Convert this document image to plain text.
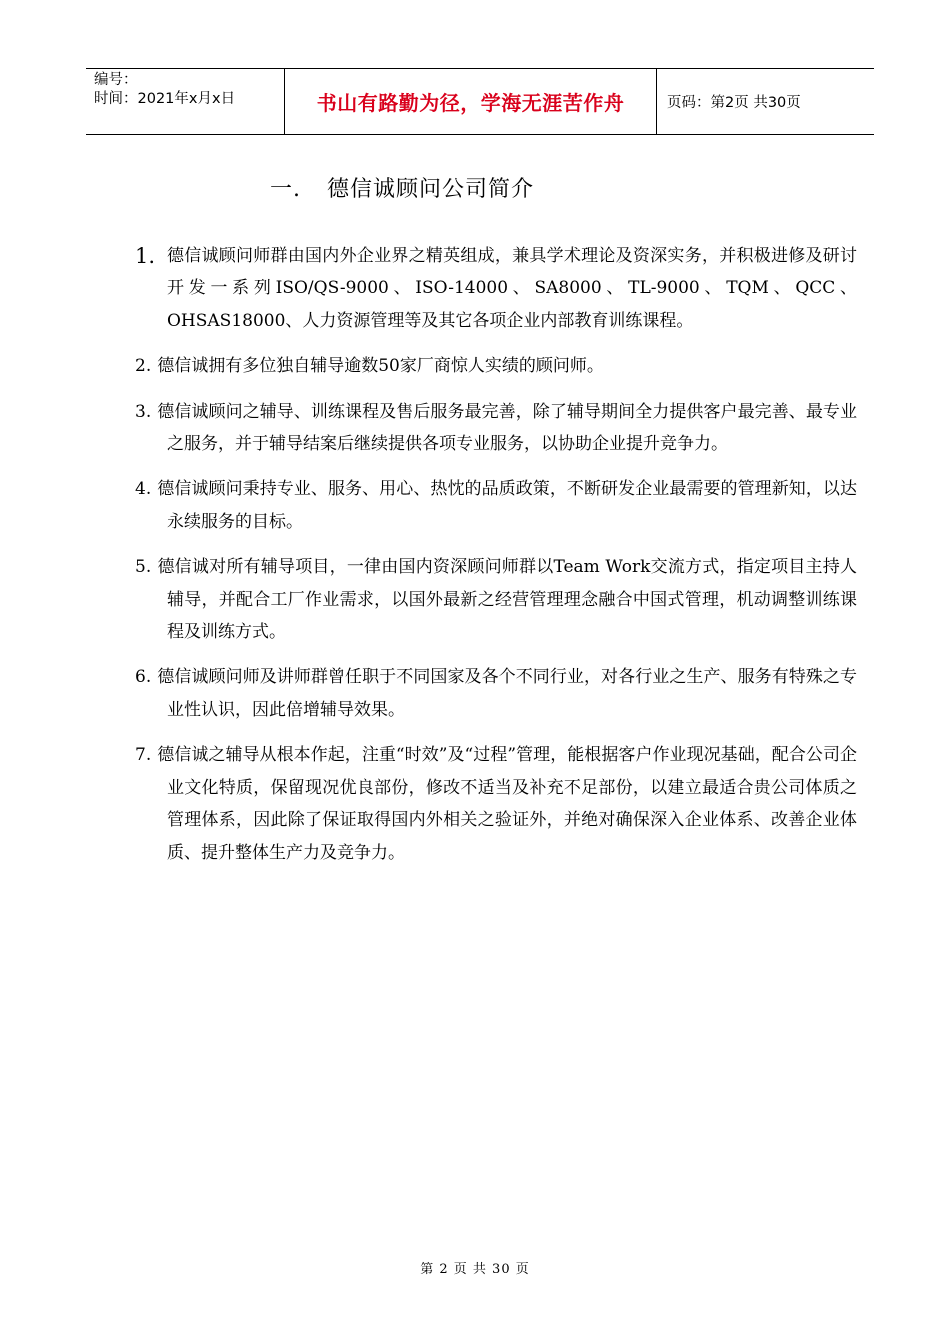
编号：
时间：2021年x月x日	书山有路勤为径，学海无涯苦作舟	页码：第2页 共30页
一. 德信诚顾问公司简介
1. 德信诚顾问师群由国内外企业界之精英组成，兼具学术理论及资深实务，并积极进修及研讨开发一系列ISO/QS-9000、ISO-14000、SA8000、TL-9000、TQM、QCC、OHSAS18000、人力资源管理等及其它各项企业内部教育训练课程。
2. 德信诚拥有多位独自辅导逾数50家厂商惊人实绩的顾问师。
3. 德信诚顾问之辅导、训练课程及售后服务最完善，除了辅导期间全力提供客户最完善、最专业之服务，并于辅导结案后继续提供各项专业服务，以协助企业提升竞争力。
4. 德信诚顾问秉持专业、服务、用心、热忱的品质政策，不断研发企业最需要的管理新知，以达永续服务的目标。
5. 德信诚对所有辅导项目，一律由国内资深顾问师群以Team Work交流方式，指定项目主持人辅导，并配合工厂作业需求，以国外最新之经营管理理念融合中国式管理，机动调整训练课程及训练方式。
6. 德信诚顾问师及讲师群曾任职于不同国家及各个不同行业，对各行业之生产、服务有特殊之专业性认识，因此倍增辅导效果。
7. 德信诚之辅导从根本作起，注重“时效”及“过程”管理，能根据客户作业现况基础，配合公司企业文化特质，保留现况优良部份，修改不适当及补充不足部份，以建立最适合贵公司体质之管理体系，因此除了保证取得国内外相关之验证外，并绝对确保深入企业体系、改善企业体质、提升整体生产力及竞争力。
第 2 页 共 30 页
